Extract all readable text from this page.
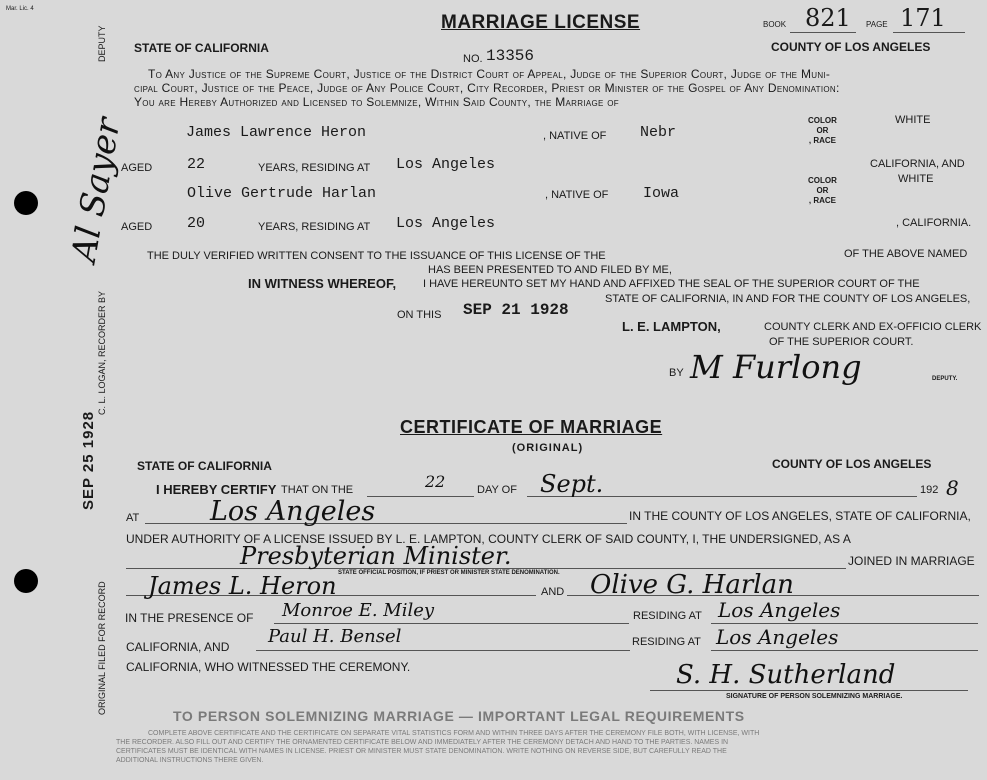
Mar. Lic. 4
DEPUTY
C. L. LOGAN, RECORDER BY
ORIGINAL FILED FOR RECORD
SEP 25 1928
Al Sayer
MARRIAGE LICENSE	BOOK 821 PAGE 171
STATE OF CALIFORNIA	COUNTY OF LOS ANGELES
NO. 13356
To Any Justice of the Supreme Court, Justice of the District Court of Appeal, Judge of the Superior Court, Judge of the Muni-
cipal Court, Justice of the Peace, Judge of Any Police Court, City Recorder, Priest or Minister of the Gospel of Any Denomination:
You are Hereby Authorized and Licensed to Solemnize, Within Said County, the Marriage of
James Lawrence Heron	, NATIVE OF Nebr
COLOR
OR
, RACE
WHITE
AGED 22	YEARS, RESIDING AT Los Angeles	CALIFORNIA, AND
Olive Gertrude Harlan	, NATIVE OF Iowa
COLOR
OR
, RACE
WHITE
AGED 20	YEARS, RESIDING AT Los Angeles	, CALIFORNIA.
THE DULY VERIFIED WRITTEN CONSENT TO THE ISSUANCE OF THIS LICENSE OF THE	OF THE ABOVE NAMED
HAS BEEN PRESENTED TO AND FILED BY ME,
IN WITNESS WHEREOF, I HAVE HEREUNTO SET MY HAND AND AFFIXED THE SEAL OF THE SUPERIOR COURT OF THE
STATE OF CALIFORNIA, IN AND FOR THE COUNTY OF LOS ANGELES,
ON THIS SEP 21 1928
L. E. LAMPTON,	COUNTY CLERK AND EX-OFFICIO CLERK
OF THE SUPERIOR COURT.
BY M Furlong	DEPUTY.
CERTIFICATE OF MARRIAGE
(ORIGINAL)
STATE OF CALIFORNIA	COUNTY OF LOS ANGELES
I HEREBY CERTIFY THAT ON THE	22	DAY OF Sept.	192 8
AT	Los Angeles	IN THE COUNTY OF LOS ANGELES, STATE OF CALIFORNIA,
UNDER AUTHORITY OF A LICENSE ISSUED BY L. E. LAMPTON, COUNTY CLERK OF SAID COUNTY, I, THE UNDERSIGNED, AS A
Presbyterian Minister.
STATE OFFICIAL POSITION, IF PRIEST OR MINISTER STATE DENOMINATION.
JOINED IN MARRIAGE
James L. Heron	AND Olive G. Harlan
IN THE PRESENCE OF Monroe E. Miley	RESIDING AT Los Angeles
CALIFORNIA, AND Paul H. Bensel	RESIDING AT Los Angeles
CALIFORNIA, WHO WITNESSED THE CEREMONY.	S. H. Sutherland
SIGNATURE OF PERSON SOLEMNIZING MARRIAGE.
TO PERSON SOLEMNIZING MARRIAGE — IMPORTANT LEGAL REQUIREMENTS
COMPLETE ABOVE CERTIFICATE AND THE CERTIFICATE ON SEPARATE VITAL STATISTICS FORM AND WITHIN THREE DAYS AFTER THE CEREMONY FILE BOTH, WITH LICENSE, WITH
THE RECORDER. ALSO FILL OUT AND CERTIFY THE ORNAMENTED CERTIFICATE BELOW AND IMMEDIATELY AFTER THE CEREMONY DETACH AND HAND TO THE PARTIES. NAMES IN
CERTIFICATES MUST BE IDENTICAL WITH NAMES IN LICENSE. PRIEST OR MINISTER MUST STATE DENOMINATION. WRITE NOTHING ON REVERSE SIDE, BUT CAREFULLY READ THE
ADDITIONAL INSTRUCTIONS THERE GIVEN.
